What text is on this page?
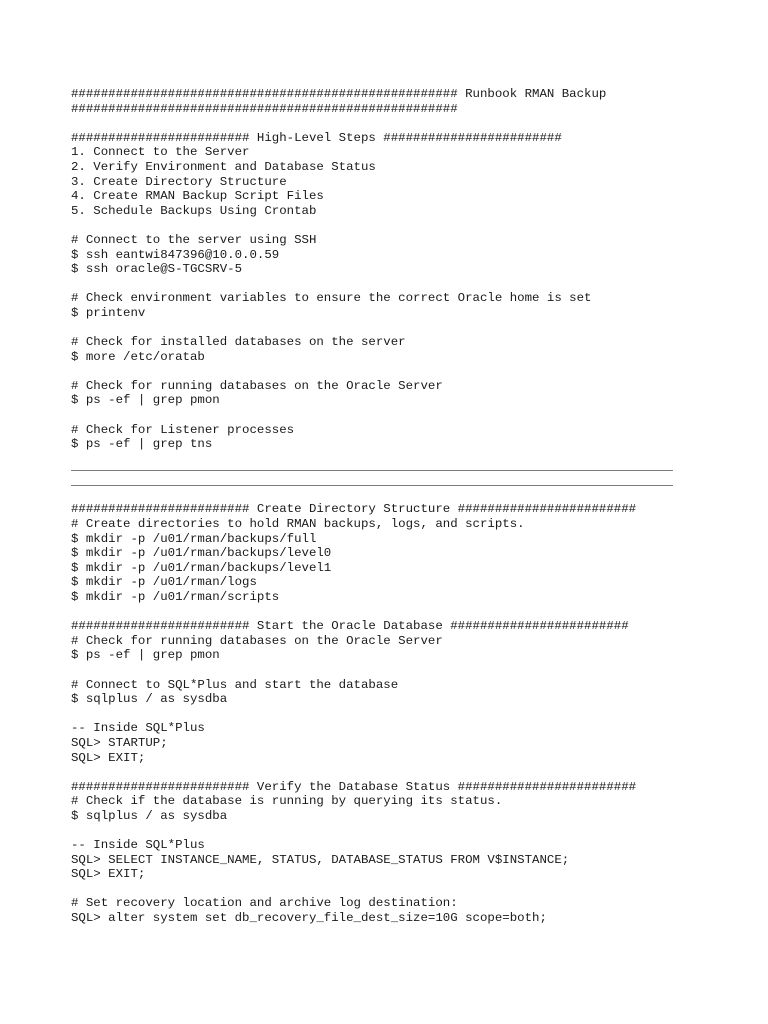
#################################################### Runbook RMAN Backup
####################################################
######################## High-Level Steps ########################
1. Connect to the Server
2. Verify Environment and Database Status
3. Create Directory Structure
4. Create RMAN Backup Script Files
5. Schedule Backups Using Crontab
# Connect to the server using SSH
$ ssh eantwi847396@10.0.0.59
$ ssh oracle@S-TGCSRV-5
# Check environment variables to ensure the correct Oracle home is set
$ printenv
# Check for installed databases on the server
$ more /etc/oratab
# Check for running databases on the Oracle Server
$ ps -ef | grep pmon
# Check for Listener processes
$ ps -ef | grep tns
######################## Create Directory Structure ########################
# Create directories to hold RMAN backups, logs, and scripts.
$ mkdir -p /u01/rman/backups/full
$ mkdir -p /u01/rman/backups/level0
$ mkdir -p /u01/rman/backups/level1
$ mkdir -p /u01/rman/logs
$ mkdir -p /u01/rman/scripts
######################## Start the Oracle Database ########################
# Check for running databases on the Oracle Server
$ ps -ef | grep pmon
# Connect to SQL*Plus and start the database
$ sqlplus / as sysdba
-- Inside SQL*Plus
SQL> STARTUP;
SQL> EXIT;
######################## Verify the Database Status ########################
# Check if the database is running by querying its status.
$ sqlplus / as sysdba
-- Inside SQL*Plus
SQL> SELECT INSTANCE_NAME, STATUS, DATABASE_STATUS FROM V$INSTANCE;
SQL> EXIT;
# Set recovery location and archive log destination:
SQL> alter system set db_recovery_file_dest_size=10G scope=both;
